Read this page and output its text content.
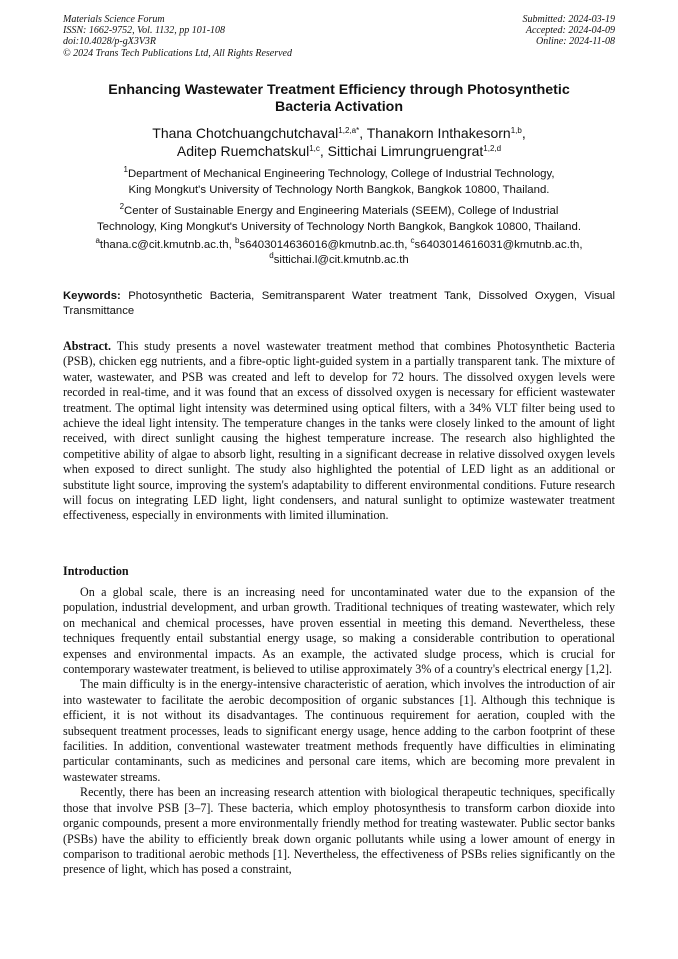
Materials Science Forum
ISSN: 1662-9752, Vol. 1132, pp 101-108
doi:10.4028/p-gX3V3R
© 2024 Trans Tech Publications Ltd, All Rights Reserved
Submitted: 2024-03-19
Accepted: 2024-04-09
Online: 2024-11-08
Enhancing Wastewater Treatment Efficiency through Photosynthetic
Bacteria Activation
Thana Chotchuangchutchaval$^{1,2,a*}$, Thanakorn Inthakesorn$^{1,b}$,
Aditep Ruemchatskul$^{1,c}$, Sittichai Limrungruengrat$^{1,2,d}$
$^1$Department of Mechanical Engineering Technology, College of Industrial Technology,
King Mongkut's University of Technology North Bangkok, Bangkok 10800, Thailand.
$^2$Center of Sustainable Energy and Engineering Materials (SEEM), College of Industrial
Technology, King Mongkut's University of Technology North Bangkok, Bangkok 10800, Thailand.
$^a$thana.c@cit.kmutnb.ac.th, $^b$s6403014636016@kmutnb.ac.th, $^c$s6403014616031@kmutnb.ac.th,
$^d$sittichai.l@cit.kmutnb.ac.th
Keywords: Photosynthetic Bacteria, Semitransparent Water treatment Tank, Dissolved Oxygen, Visual Transmittance
Abstract. This study presents a novel wastewater treatment method that combines Photosynthetic Bacteria (PSB), chicken egg nutrients, and a fibre-optic light-guided system in a partially transparent tank. The mixture of water, wastewater, and PSB was created and left to develop for 72 hours. The dissolved oxygen levels were recorded in real-time, and it was found that an excess of dissolved oxygen is necessary for efficient wastewater treatment. The optimal light intensity was determined using optical filters, with a 34% VLT filter being used to achieve the ideal light intensity. The temperature changes in the tanks were closely linked to the amount of light received, with direct sunlight causing the highest temperature increase. The research also highlighted the competitive ability of algae to absorb light, resulting in a significant decrease in relative dissolved oxygen levels when exposed to direct sunlight. The study also highlighted the potential of LED light as an additional or substitute light source, improving the system's adaptability to different environmental conditions. Future research will focus on integrating LED light, light condensers, and natural sunlight to optimize wastewater treatment effectiveness, especially in environments with limited illumination.
Introduction

On a global scale, there is an increasing need for uncontaminated water due to the expansion of the population, industrial development, and urban growth. Traditional techniques of treating wastewater, which rely on mechanical and chemical processes, have proven essential in meeting this demand. Nevertheless, these techniques frequently entail substantial energy usage, so making a considerable contribution to operational expenses and environmental impacts. As an example, the activated sludge process, which is crucial for contemporary wastewater treatment, is believed to utilise approximately 3% of a country's electrical energy [1,2].

The main difficulty is in the energy-intensive characteristic of aeration, which involves the introduction of air into wastewater to facilitate the aerobic decomposition of organic substances [1]. Although this technique is efficient, it is not without its disadvantages. The continuous requirement for aeration, coupled with the subsequent treatment processes, leads to significant energy usage, hence adding to the carbon footprint of these facilities. In addition, conventional wastewater treatment methods frequently have difficulties in eliminating particular contaminants, such as medicines and personal care items, which are becoming more prevalent in wastewater streams.

Recently, there has been an increasing research attention with biological therapeutic techniques, specifically those that involve PSB [3–7]. These bacteria, which employ photosynthesis to transform carbon dioxide into organic compounds, present a more environmentally friendly method for treating wastewater. Public sector banks (PSBs) have the ability to efficiently break down organic pollutants while using a lower amount of energy in comparison to traditional aerobic methods [1]. Nevertheless, the effectiveness of PSBs relies significantly on the presence of light, which has posed a constraint,
